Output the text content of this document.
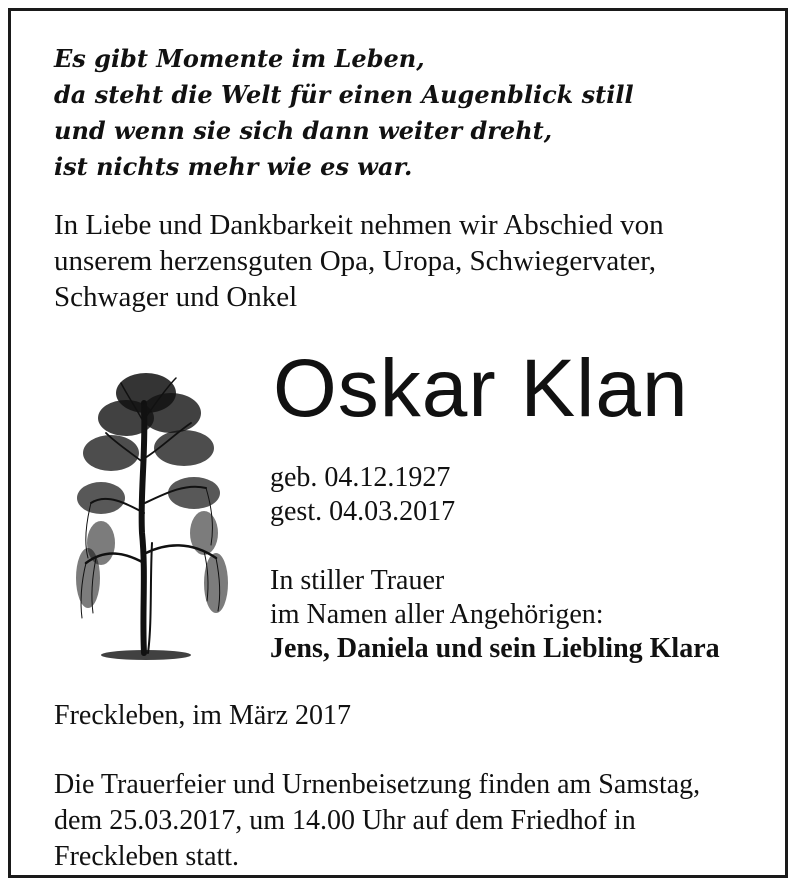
Es gibt Momente im Leben,
da steht die Welt für einen Augenblick still
und wenn sie sich dann weiter dreht,
ist nichts mehr wie es war.
In Liebe und Dankbarkeit nehmen wir Abschied von
unserem herzensguten Opa, Uropa, Schwiegervater,
Schwager und Onkel
Oskar Klan
geb. 04.12.1927
gest. 04.03.2017
In stiller Trauer
im Namen aller Angehörigen:
Jens, Daniela und sein Liebling Klara
Freckleben, im März 2017
Die Trauerfeier und Urnenbeisetzung finden am Samstag,
dem 25.03.2017, um 14.00 Uhr auf dem Friedhof in
Freckleben statt.
